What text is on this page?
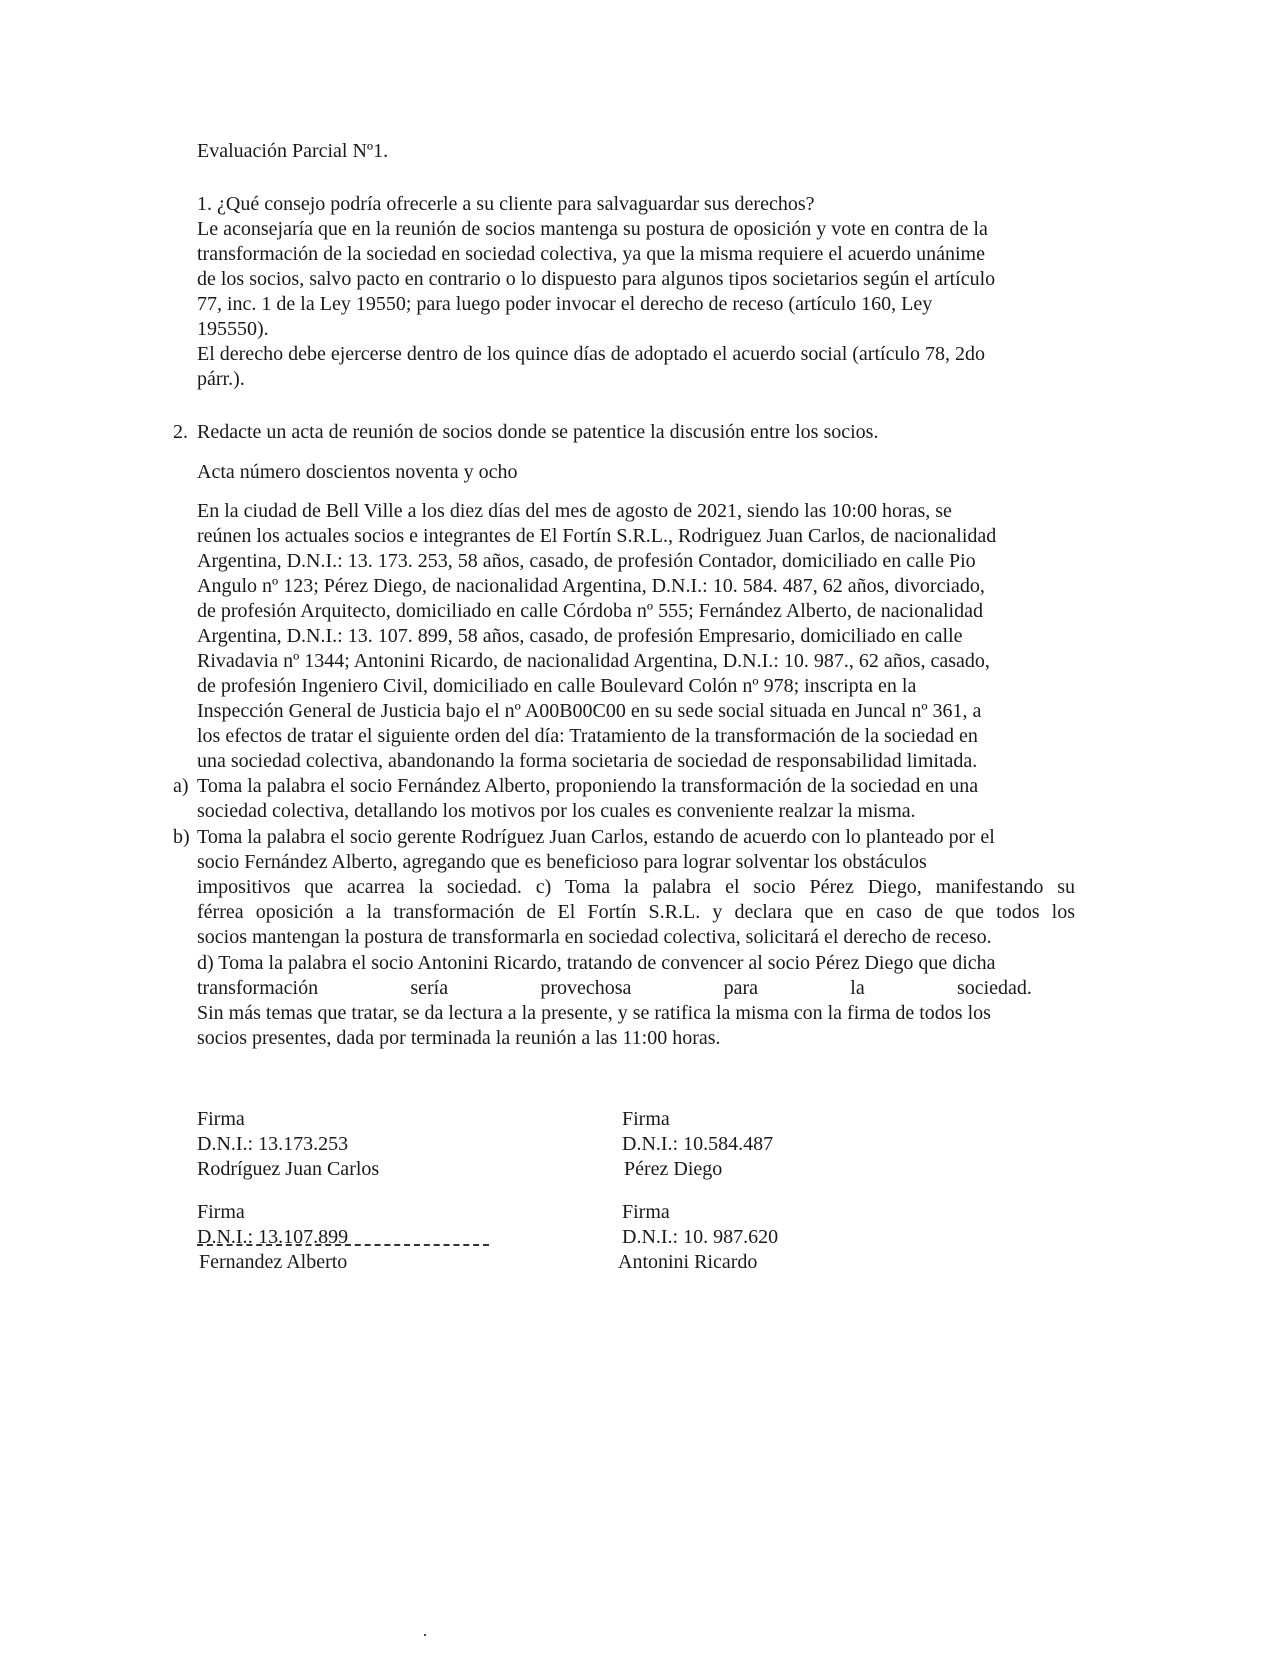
Evaluación Parcial Nº1.
1. ¿Qué consejo podría ofrecerle a su cliente para salvaguardar sus derechos?
Le aconsejaría que en la reunión de socios mantenga su postura de oposición y vote en contra de la
transformación de la sociedad en sociedad colectiva, ya que la misma requiere el acuerdo unánime
de los socios, salvo pacto en contrario o lo dispuesto para algunos tipos societarios según el artículo
77, inc. 1 de la Ley 19550; para luego poder invocar el derecho de receso (artículo 160, Ley
195550).
El derecho debe ejercerse dentro de los quince días de adoptado el acuerdo social (artículo 78, 2do
párr.).
2. Redacte un acta de reunión de socios donde se patentice la discusión entre los socios.
Acta número doscientos noventa y ocho
En la ciudad de Bell Ville a los diez días del mes de agosto de 2021, siendo las 10:00 horas, se
reúnen los actuales socios e integrantes de El Fortín S.R.L., Rodriguez Juan Carlos, de nacionalidad
Argentina, D.N.I.: 13. 173. 253, 58 años, casado, de profesión Contador, domiciliado en calle Pio
Angulo nº 123; Pérez Diego, de nacionalidad Argentina, D.N.I.: 10. 584. 487, 62 años, divorciado,
de profesión Arquitecto, domiciliado en calle Córdoba nº 555; Fernández Alberto, de nacionalidad
Argentina, D.N.I.: 13. 107. 899, 58 años, casado, de profesión Empresario, domiciliado en calle
Rivadavia nº 1344; Antonini Ricardo, de nacionalidad Argentina, D.N.I.: 10. 987., 62 años, casado,
de profesión Ingeniero Civil, domiciliado en calle Boulevard Colón nº 978; inscripta en la
Inspección General de Justicia bajo el nº A00B00C00 en su sede social situada en Juncal nº 361, a
los efectos de tratar el siguiente orden del día: Tratamiento de la transformación de la sociedad en
una sociedad colectiva, abandonando la forma societaria de sociedad de responsabilidad limitada.
a) Toma la palabra el socio Fernández Alberto, proponiendo la transformación de la sociedad en una
sociedad colectiva, detallando los motivos por los cuales es conveniente realzar la misma.
b) Toma la palabra el socio gerente Rodríguez Juan Carlos, estando de acuerdo con lo planteado por el
socio Fernández Alberto, agregando que es beneficioso para lograr solventar los obstáculos
impositivos que acarrea la sociedad. c) Toma la palabra el socio Pérez Diego, manifestando su
férrea oposición a la transformación de El Fortín S.R.L. y declara que en caso de que todos los
socios mantengan la postura de transformarla en sociedad colectiva, solicitará el derecho de receso.
d) Toma la palabra el socio Antonini Ricardo, tratando de convencer al socio Pérez Diego que dicha
transformación	sería	provechosa	para	la	sociedad.
Sin más temas que tratar, se da lectura a la presente, y se ratifica la misma con la firma de todos los
socios presentes, dada por terminada la reunión a las 11:00 horas.
Firma
D.N.I.: 13.173.253
Rodríguez Juan Carlos
Firma
D.N.I.: 10.584.487
Pérez Diego
Firma
D.N.I.: 13.107.899
Fernandez Alberto
Firma
D.N.I.: 10. 987.620
Antonini Ricardo
